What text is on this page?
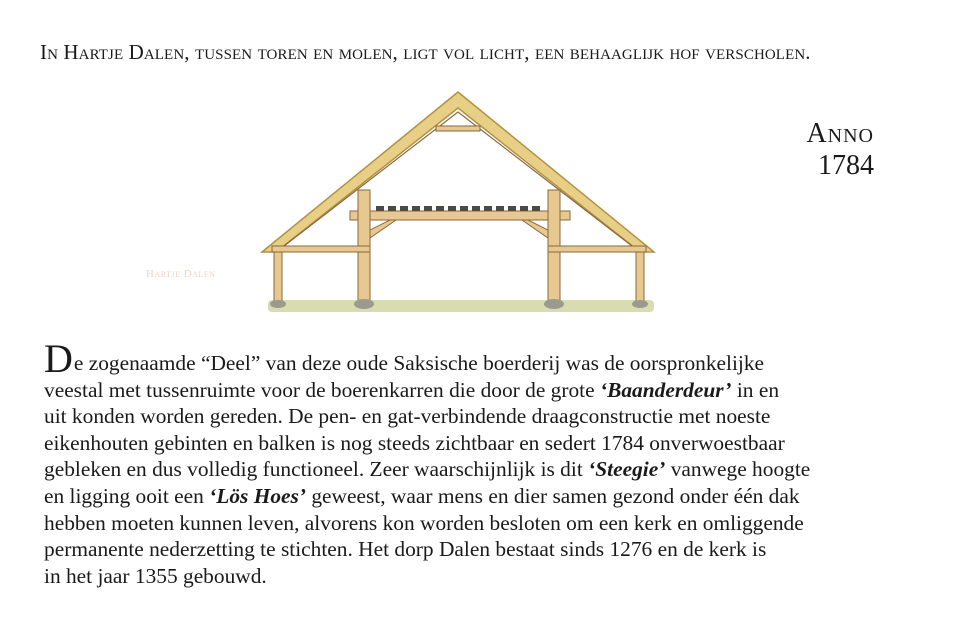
In Hartje Dalen, tussen toren en molen, ligt vol licht, een behaaglijk hof verscholen.
Anno
1784
Hartje Dalen
De zogenaamde “Deel” van deze oude Saksische boerderij was de oorspronkelijke
veestal met tussenruimte voor de boerenkarren die door de grote ‘Baanderdeur’ in en
uit konden worden gereden. De pen- en gat-verbindende draagconstructie met noeste
eikenhouten gebinten en balken is nog steeds zichtbaar en sedert 1784 onverwoestbaar
gebleken en dus volledig functioneel. Zeer waarschijnlijk is dit ‘Steegie’ vanwege hoogte
en ligging ooit een ‘Lös Hoes’ geweest, waar mens en dier samen gezond onder één dak
hebben moeten kunnen leven, alvorens kon worden besloten om een kerk en omliggende
permanente nederzetting te stichten. Het dorp Dalen bestaat sinds 1276 en de kerk is
in het jaar 1355 gebouwd.
